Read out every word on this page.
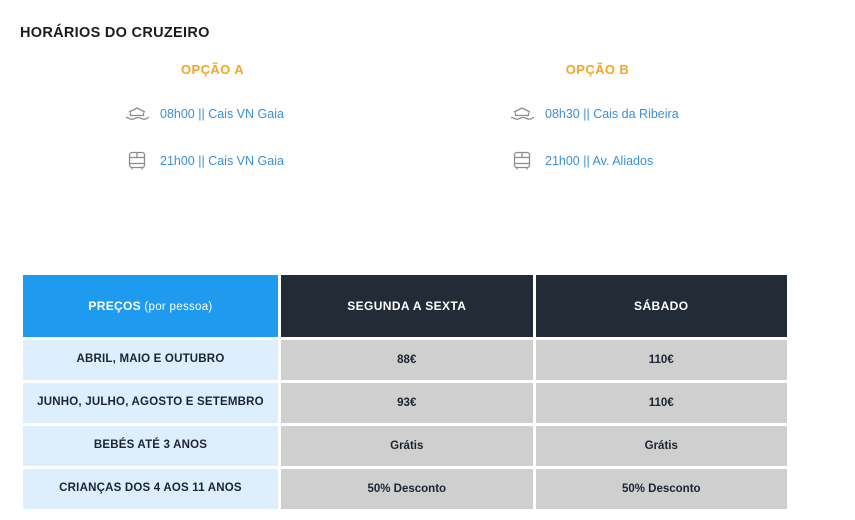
HORÁRIOS DO CRUZEIRO
OPÇÃO A
08h00 || Cais VN Gaia
21h00 || Cais VN Gaia
OPÇÃO B
08h30 || Cais da Ribeira
21h00 || Av. Aliados
PREÇOS (por pessoa)	SEGUNDA A SEXTA	SÁBADO
ABRIL, MAIO E OUTUBRO	88€	110€
JUNHO, JULHO, AGOSTO E SETEMBRO	93€	110€
BEBÉS ATÉ 3 ANOS	Grátis	Grátis
CRIANÇAS DOS 4 AOS 11 ANOS	50% Desconto	50% Desconto
